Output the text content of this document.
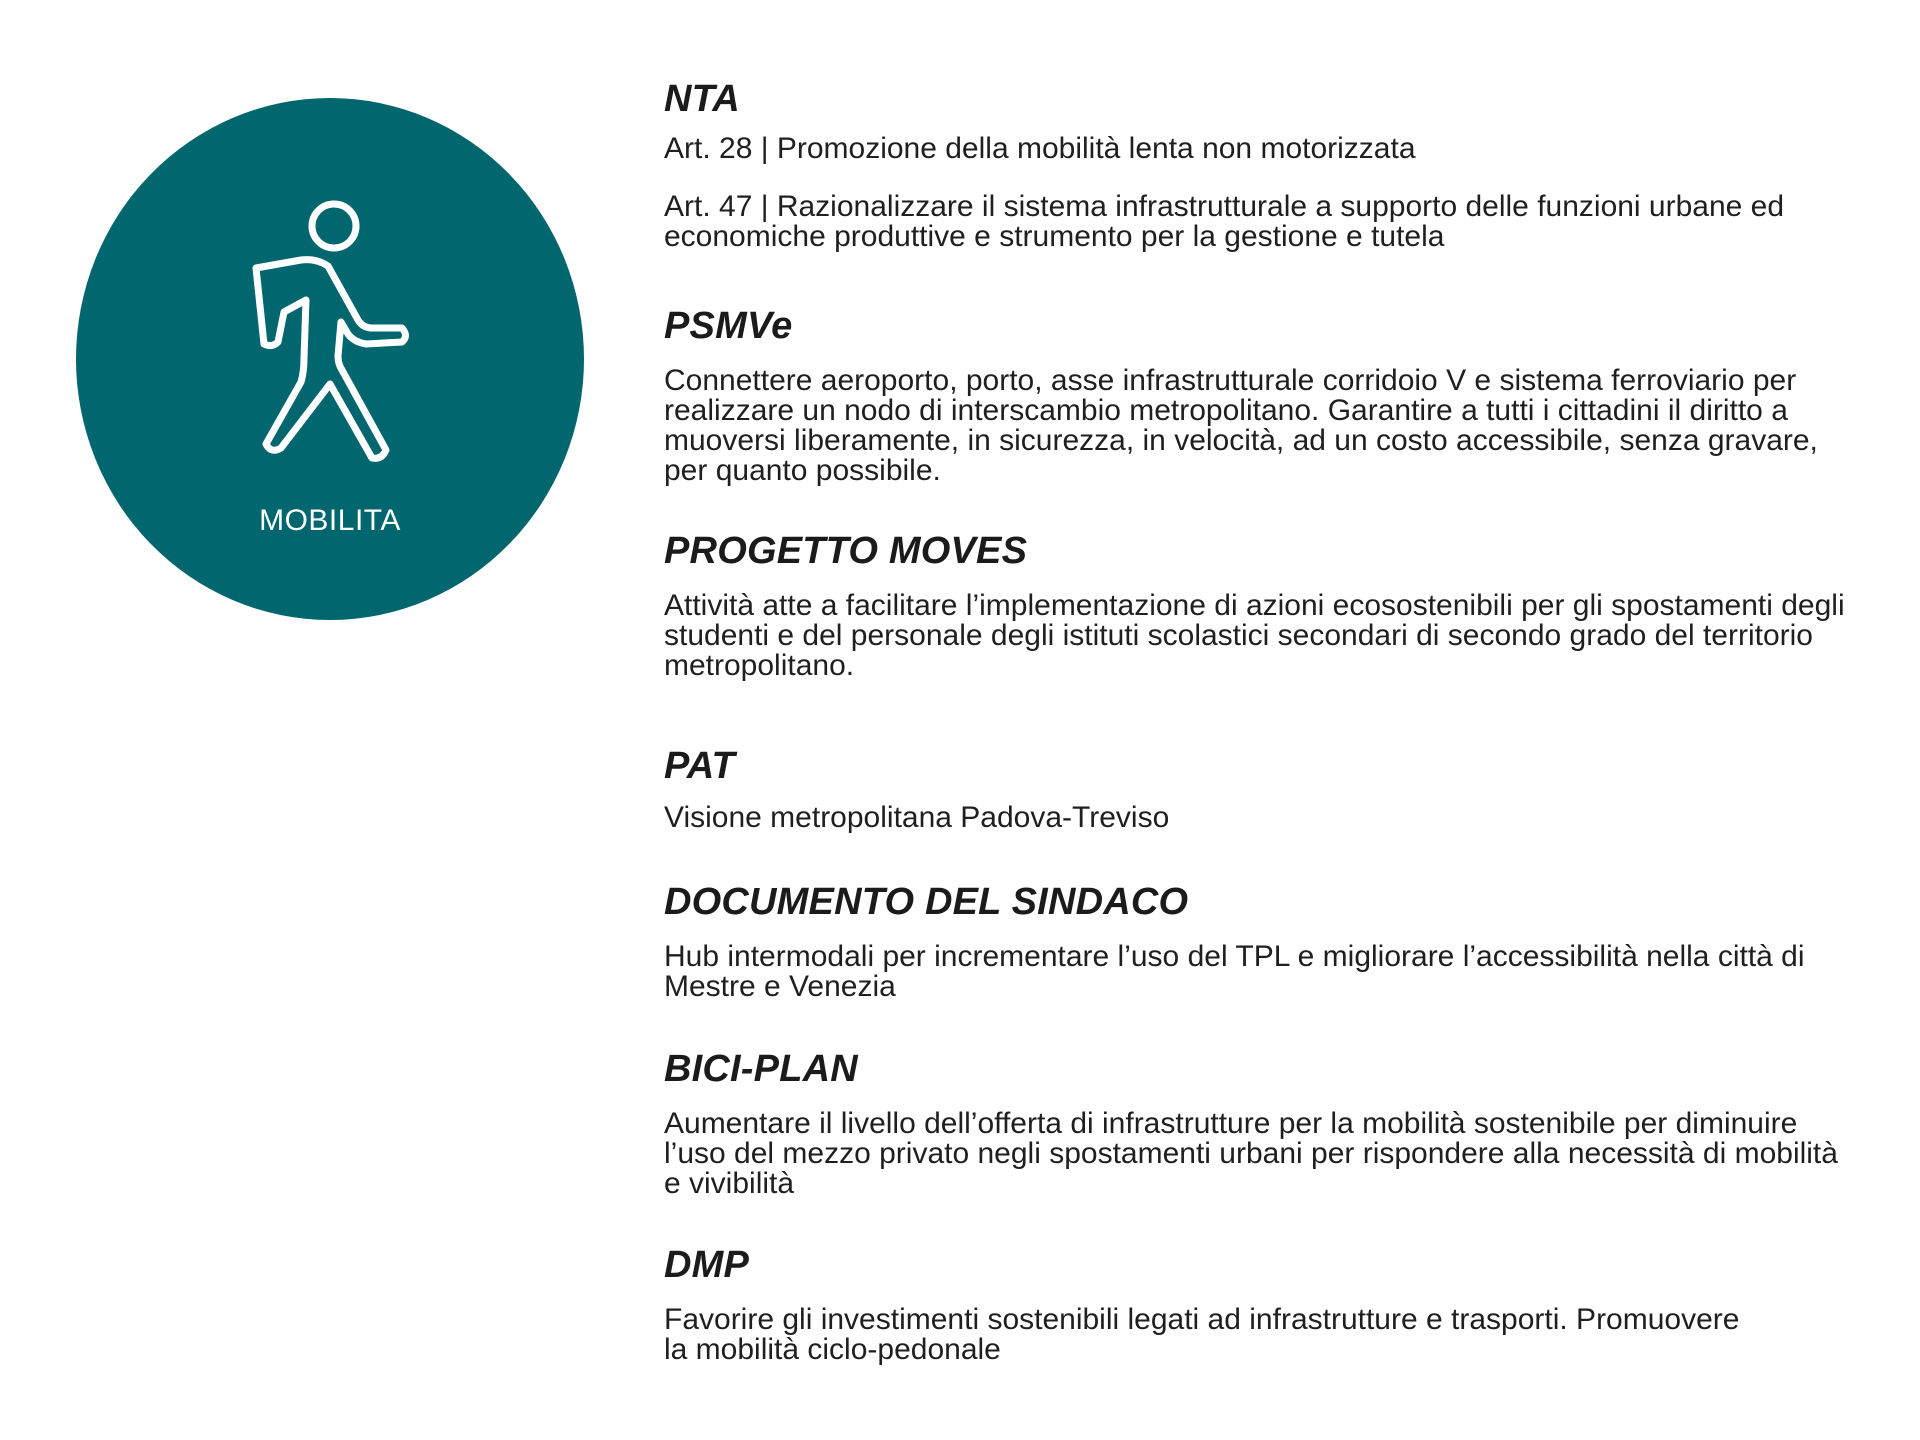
MOBILITA
NTA

Art. 28 | Promozione della mobilità lenta non motorizzata

Art. 47 | Razionalizzare il sistema infrastrutturale a supporto delle funzioni urbane ed economiche produttive e strumento per la gestione e tutela

PSMVe

Connettere aeroporto, porto, asse infrastrutturale corridoio V e sistema ferroviario per realizzare un nodo di interscambio metropolitano. Garantire a tutti i cittadini il diritto a muoversi liberamente, in sicurezza, in velocità, ad un costo accessibile, senza gravare, per quanto possibile.

PROGETTO MOVES

Attività atte a facilitare l’implementazione di azioni ecosostenibili per gli spostamenti degli studenti e del personale degli istituti scolastici secondari di secondo grado del territorio metropolitano.

PAT

Visione metropolitana Padova-Treviso

DOCUMENTO DEL SINDACO

Hub intermodali per incrementare l’uso del TPL e migliorare l’accessibilità nella città di Mestre e Venezia

BICI-PLAN

Aumentare il livello dell’offerta di infrastrutture per la mobilità sostenibile per diminuire l’uso del mezzo privato negli spostamenti urbani per rispondere alla necessità di mobilità e vivibilità

DMP

Favorire gli investimenti sostenibili legati ad infrastrutture e trasporti. Promuovere la mobilità ciclo-pedonale
